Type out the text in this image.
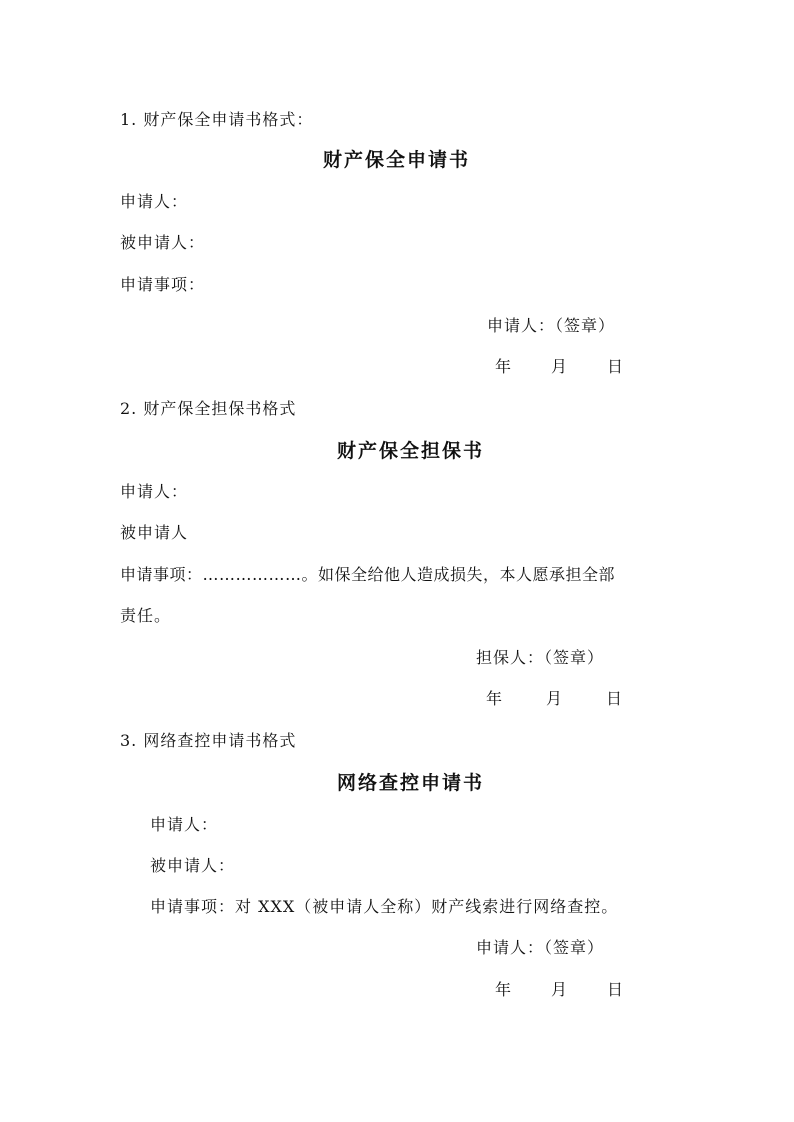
1. 财产保全申请书格式：
财产保全申请书
申请人：
被申请人：
申请事项：
申请人：（签章）
年 月 日
2. 财产保全担保书格式
财产保全担保书
申请人：
被申请人
申请事项：………………。如保全给他人造成损失，本人愿承担全部
责任。
担保人：（签章）
年	月	日
3. 网络查控申请书格式
网络查控申请书
申请人：
被申请人：
申请事项：对 XXX（被申请人全称）财产线索进行网络查控。
申请人：（签章）
年 月 日
